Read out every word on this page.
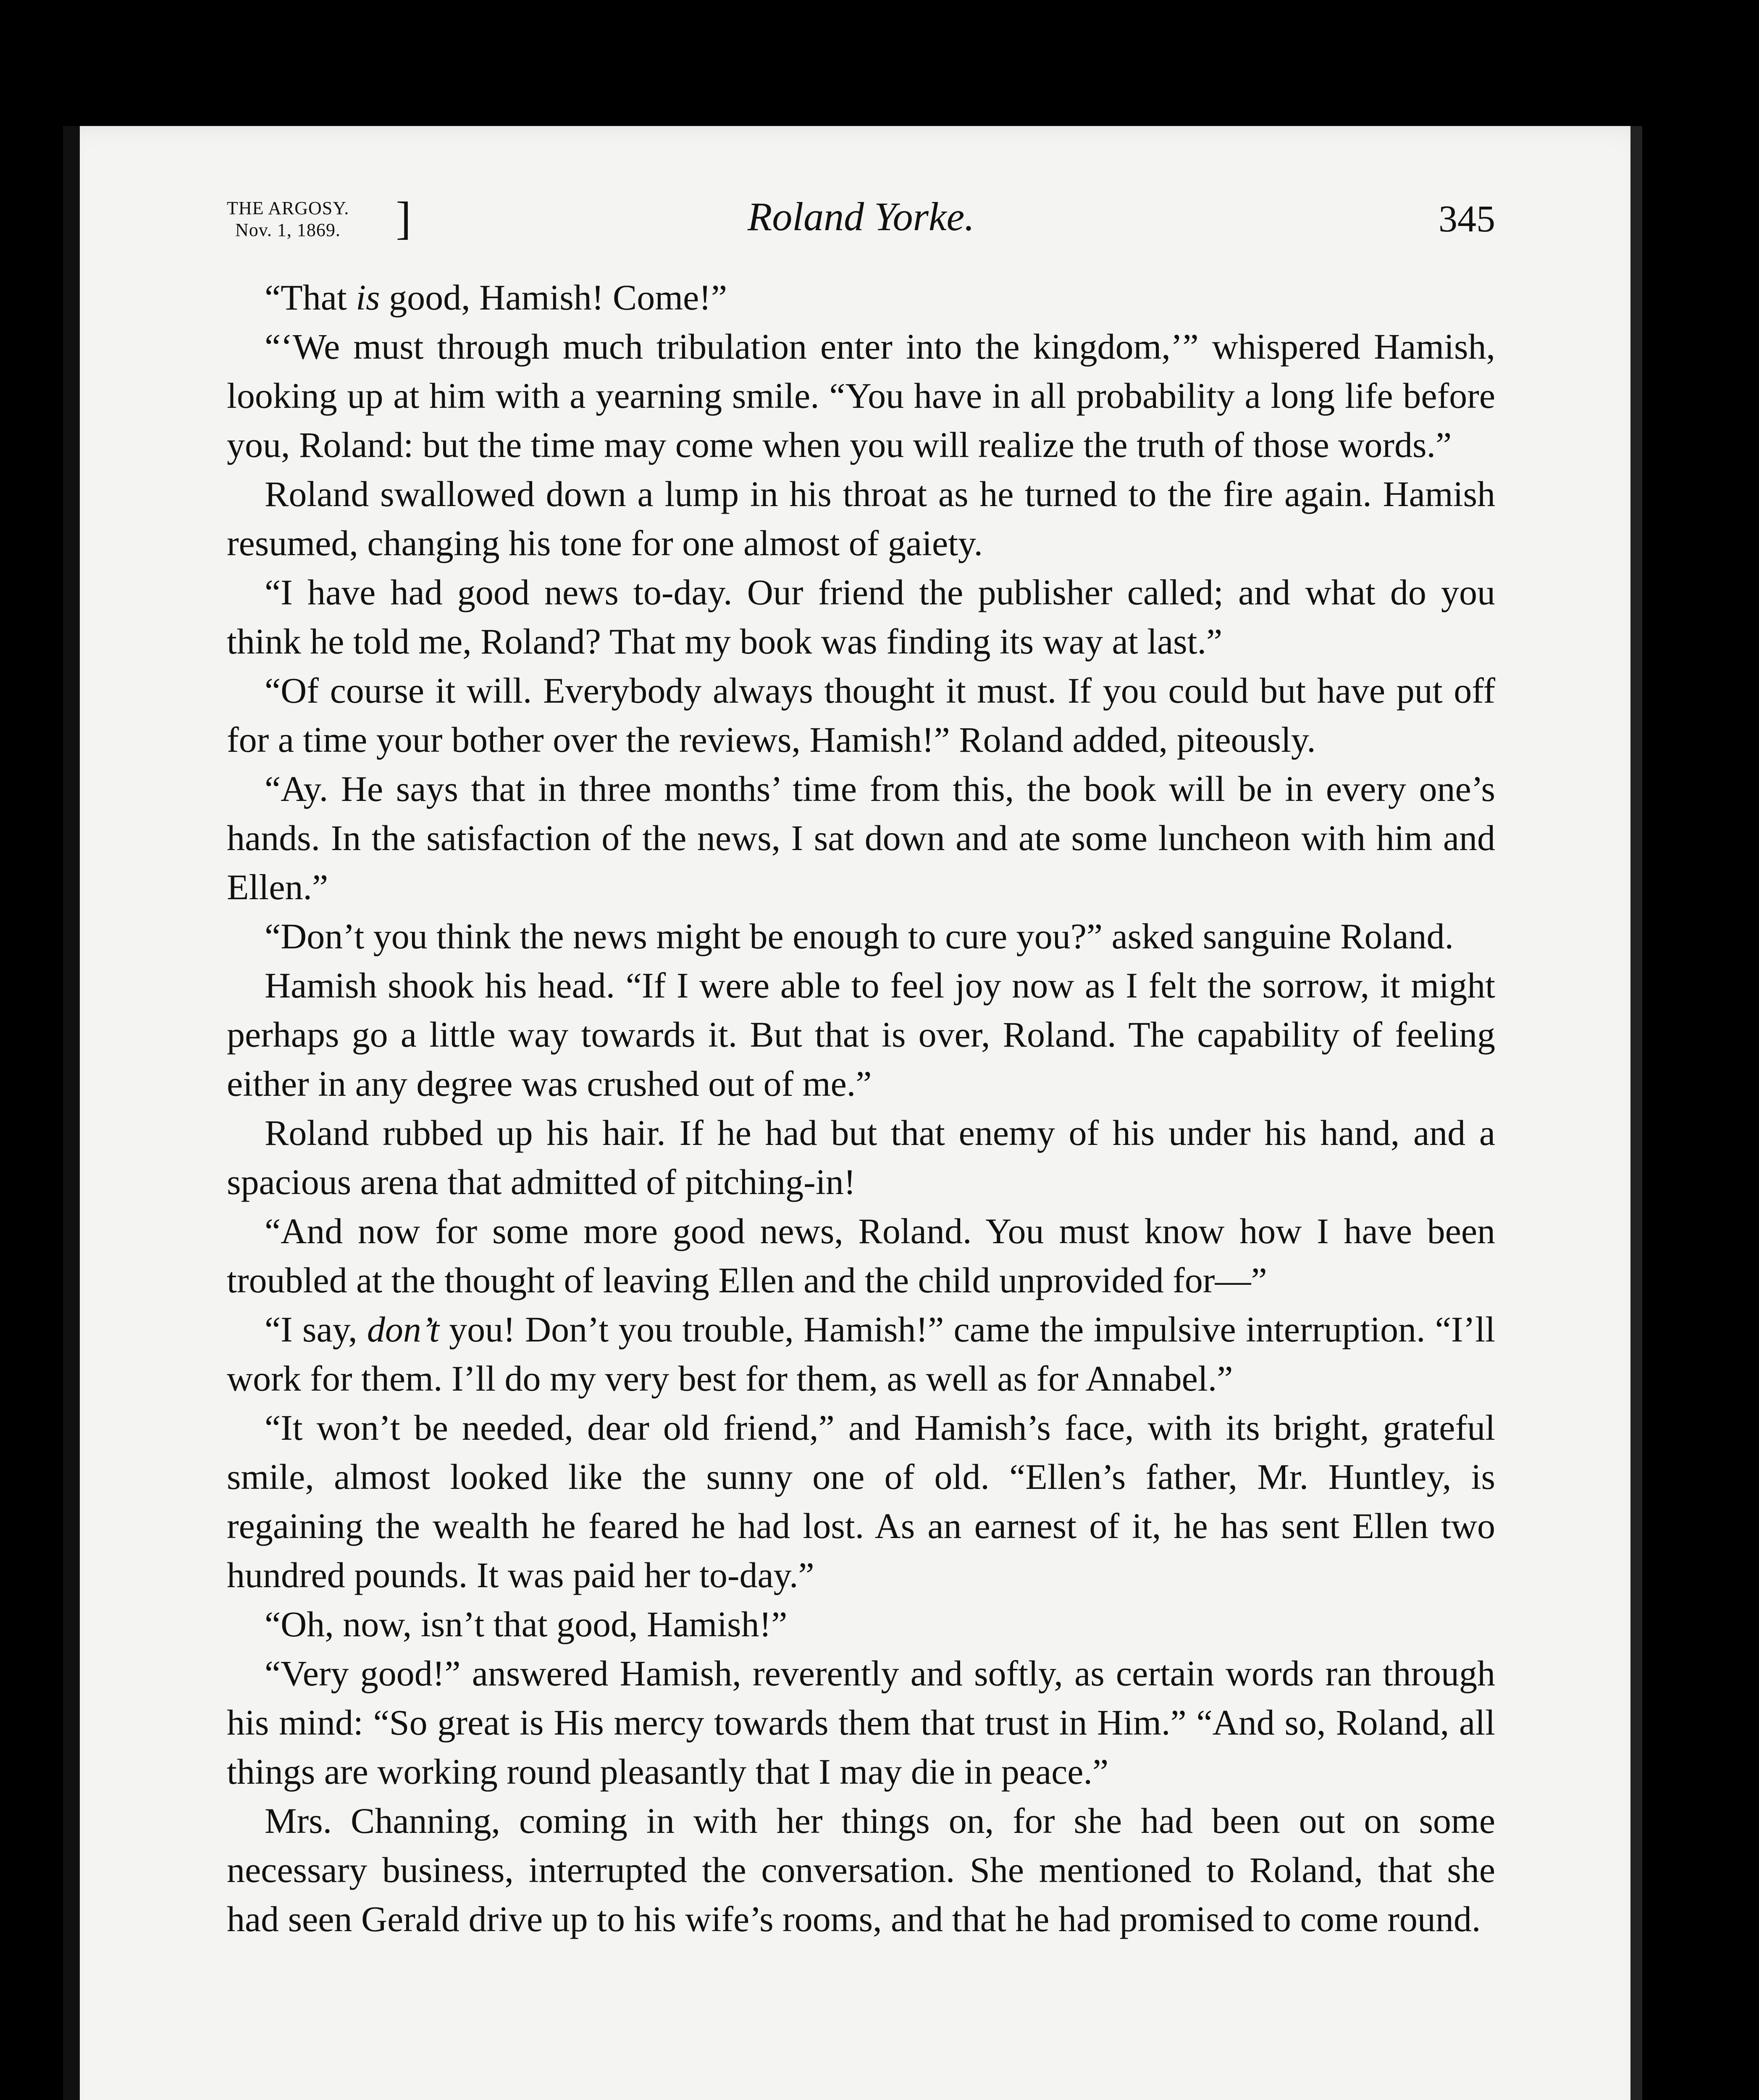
THE ARGOSY.
Nov. 1, 1869.	]	Roland Yorke.	345

“That is good, Hamish! Come!”

“‘We must through much tribulation enter into the kingdom,’” whispered Hamish, looking up at him with a yearning smile. “You have in all probability a long life before you, Roland: but the time may come when you will realize the truth of those words.”

Roland swallowed down a lump in his throat as he turned to the fire again. Hamish resumed, changing his tone for one almost of gaiety.

“I have had good news to-day. Our friend the publisher called; and what do you think he told me, Roland? That my book was finding its way at last.”

“Of course it will. Everybody always thought it must. If you could but have put off for a time your bother over the reviews, Hamish!” Roland added, piteously.

“Ay. He says that in three months’ time from this, the book will be in every one’s hands. In the satisfaction of the news, I sat down and ate some luncheon with him and Ellen.”

“Don’t you think the news might be enough to cure you?” asked sanguine Roland.

Hamish shook his head. “If I were able to feel joy now as I felt the sorrow, it might perhaps go a little way towards it. But that is over, Roland. The capability of feeling either in any degree was crushed out of me.”

Roland rubbed up his hair. If he had but that enemy of his under his hand, and a spacious arena that admitted of pitching-in!

“And now for some more good news, Roland. You must know how I have been troubled at the thought of leaving Ellen and the child unprovided for—”

“I say, don’t you! Don’t you trouble, Hamish!” came the impulsive interruption. “I’ll work for them. I’ll do my very best for them, as well as for Annabel.”

“It won’t be needed, dear old friend,” and Hamish’s face, with its bright, grateful smile, almost looked like the sunny one of old. “Ellen’s father, Mr. Huntley, is regaining the wealth he feared he had lost. As an earnest of it, he has sent Ellen two hundred pounds. It was paid her to-day.”

“Oh, now, isn’t that good, Hamish!”

“Very good!” answered Hamish, reverently and softly, as certain words ran through his mind: “So great is His mercy towards them that trust in Him.” “And so, Roland, all things are working round pleasantly that I may die in peace.”

Mrs. Channing, coming in with her things on, for she had been out on some necessary business, interrupted the conversation. She mentioned to Roland, that she had seen Gerald drive up to his wife’s rooms, and that he had promised to come round.
